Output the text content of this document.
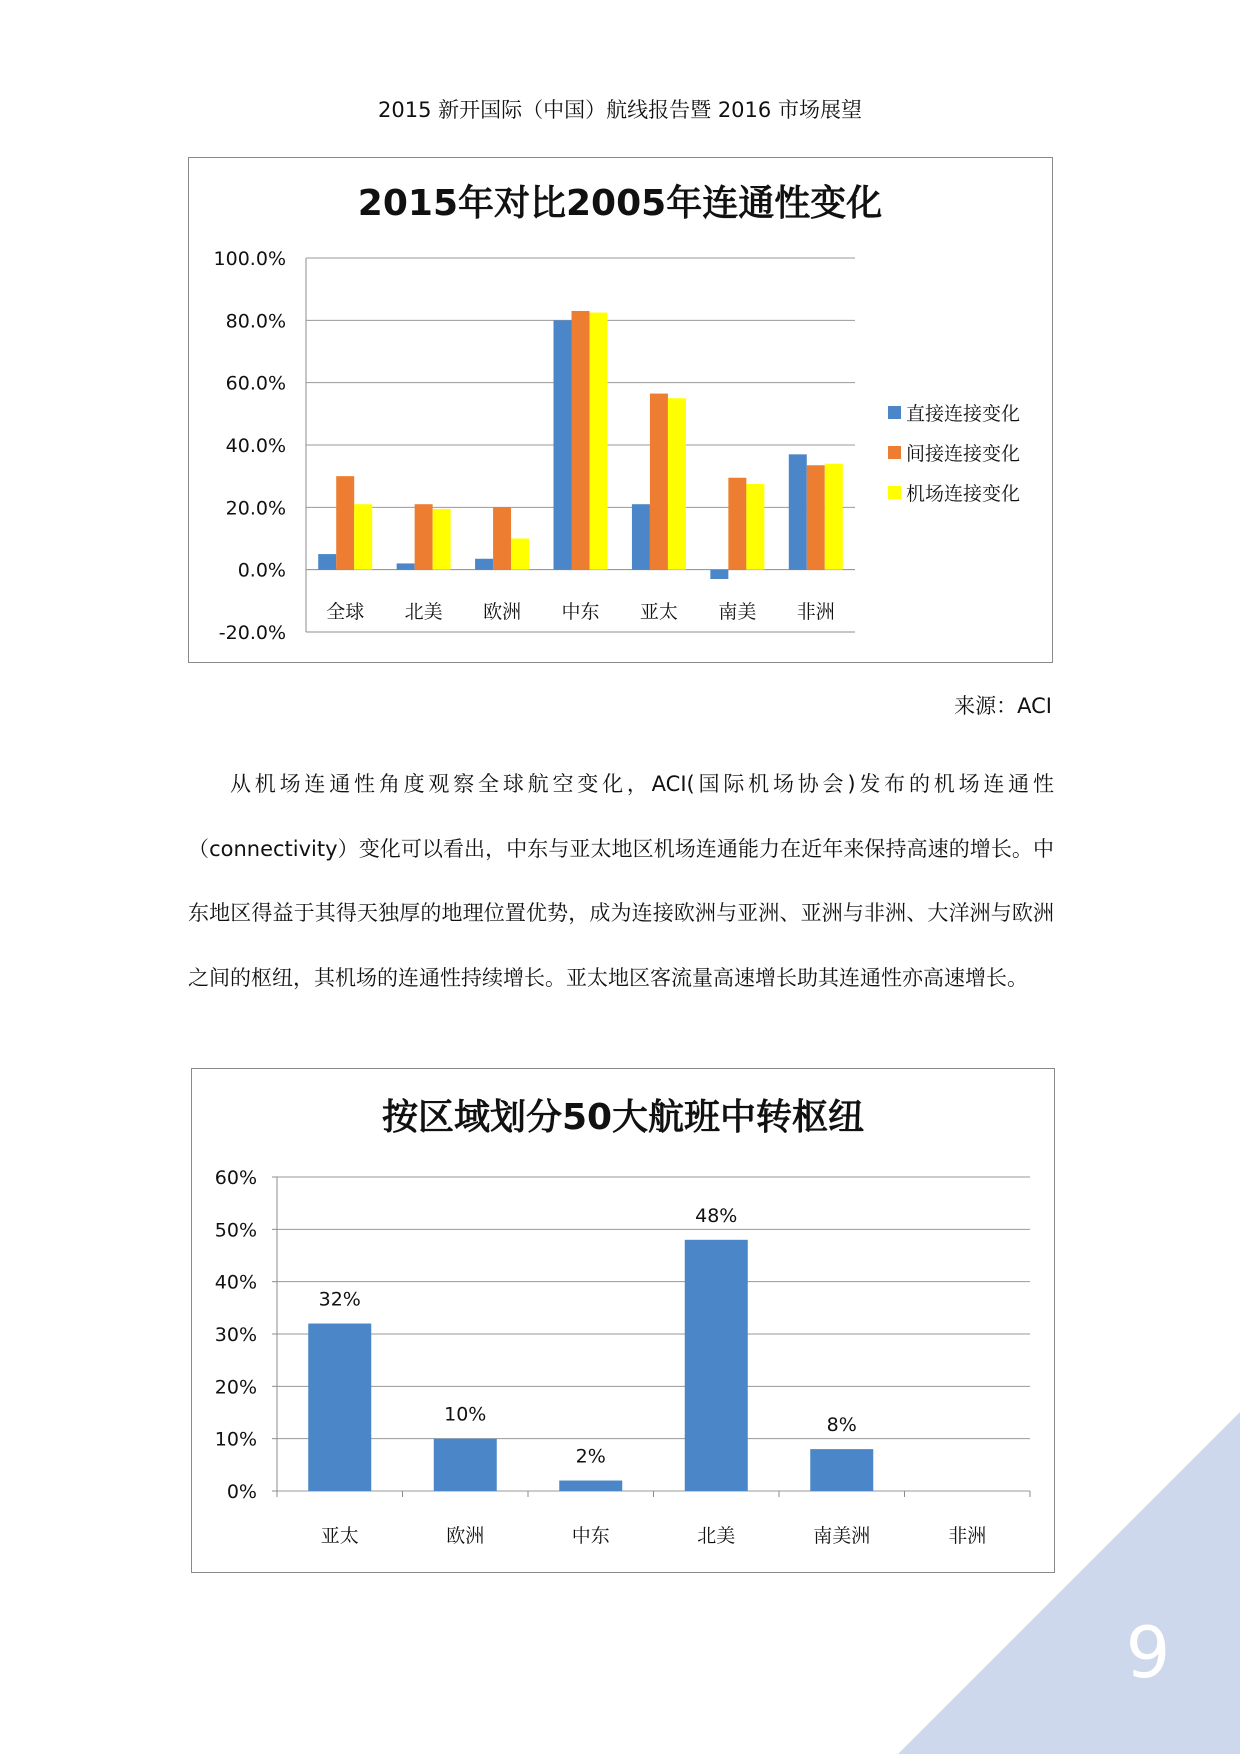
2015 新开国际（中国）航线报告暨 2016 市场展望
2015年对比2005年连通性变化
100.0%
80.0%
60.0%
40.0%
20.0%
0.0%
-20.0%
全球 北美 欧洲 中东 亚太 南美 非洲
直接连接变化
间接连接变化
机场连接变化
来源：ACI

从机场连通性角度观察全球航空变化，ACI(国际机场协会)发布的机场连通性（connectivity）变化可以看出，中东与亚太地区机场连通能力在近年来保持高速的增长。中东地区得益于其得天独厚的地理位置优势，成为连接欧洲与亚洲、亚洲与非洲、大洋洲与欧洲之间的枢纽，其机场的连通性持续增长。亚太地区客流量高速增长助其连通性亦高速增长。

按区域划分50大航班中转枢纽
60%
50%
40%
30%
20%
10%
0%
32%
亚太
10%
欧洲
2%
中东
48%
北美
8%
南美洲	非洲
9
